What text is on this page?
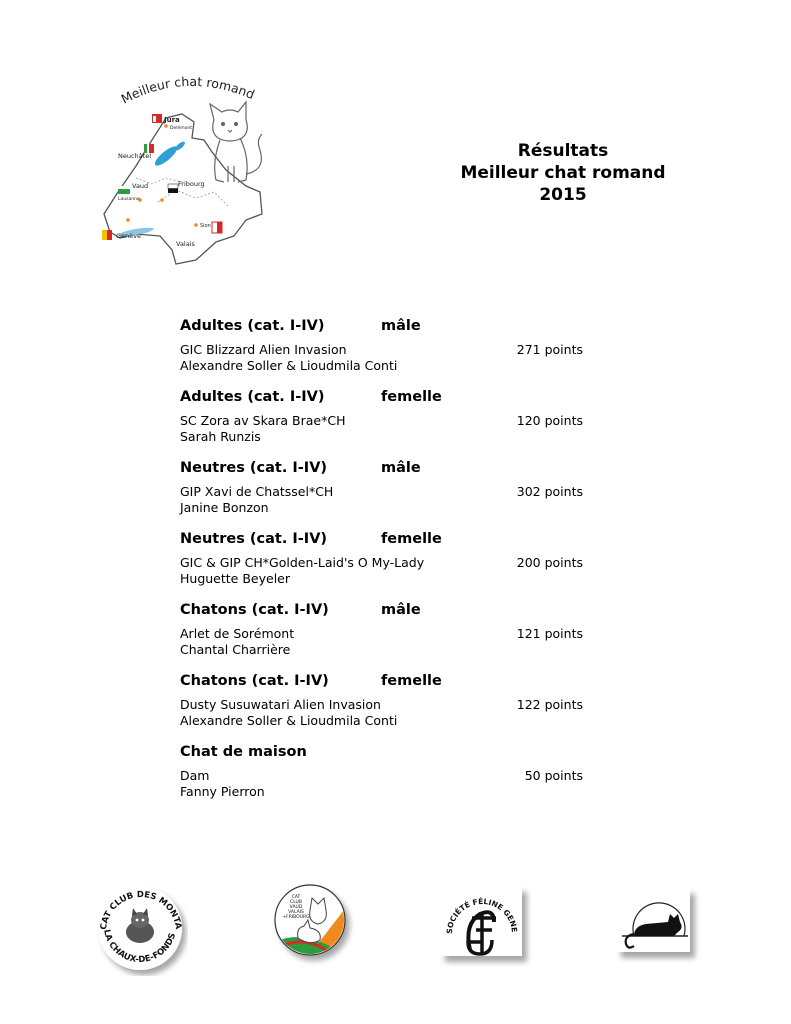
Meilleur chat romand
Jura
Delémont
Neuchâtel
Vaud	Fribourg
Lausanne
Genève
Sion
Valais
Résultats
Meilleur chat romand
2015
Adultes (cat. I-IV)	mâle
GIC Blizzard Alien Invasion	271 points
Alexandre Soller & Lioudmila Conti
Adultes (cat. I-IV)	femelle
SC Zora av Skara Brae*CH	120 points
Sarah Runzis
Neutres (cat. I-IV)	mâle
GIP Xavi de Chatssel*CH	302 points
Janine Bonzon
Neutres (cat. I-IV)	femelle
GIC & GIP CH*Golden-Laid's O My-Lady	200 points
Huguette Beyeler
Chatons (cat. I-IV)	mâle
Arlet de Sorémont	121 points
Chantal Charrière
Chatons (cat. I-IV)	femelle
Dusty Susuwatari Alien Invasion	122 points
Alexandre Soller & Lioudmila Conti
Chat de maison
Dam	50 points
Fanny Pierron
CAT CLUB DES MONTA
LA CHAUX-DE-FONDS
CAT
CLUB
VAUD
VALAIS
+FRIBOURG
SOCIÉTÉ FÉLINE GENE
